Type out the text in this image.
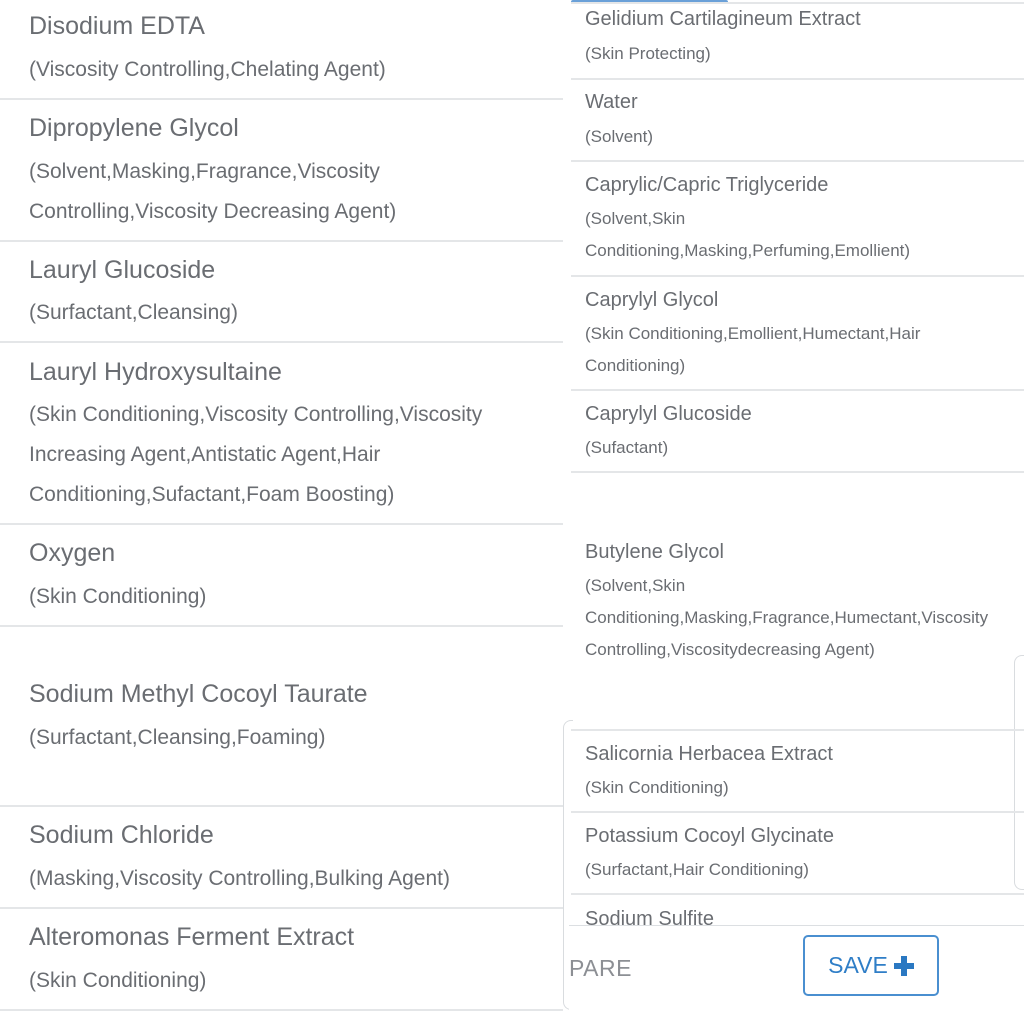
Disodium EDTA
(Viscosity Controlling,Chelating Agent)
Dipropylene Glycol
(Solvent,Masking,Fragrance,Viscosity Controlling,Viscosity Decreasing Agent)
Lauryl Glucoside
(Surfactant,Cleansing)
Lauryl Hydroxysultaine
(Skin Conditioning,Viscosity Controlling,Viscosity Increasing Agent,Antistatic Agent,Hair Conditioning,Sufactant,Foam Boosting)
Oxygen
(Skin Conditioning)
Sodium Methyl Cocoyl Taurate
(Surfactant,Cleansing,Foaming)
Sodium Chloride
(Masking,Viscosity Controlling,Bulking Agent)
Alteromonas Ferment Extract
(Skin Conditioning)
Gelidium Cartilagineum Extract
(Skin Protecting)
Water
(Solvent)
Caprylic/Capric Triglyceride
(Solvent,Skin
Conditioning,Masking,Perfuming,Emollient)
Caprylyl Glycol
(Skin Conditioning,Emollient,Humectant,Hair
Conditioning)
Caprylyl Glucoside
(Sufactant)
Butylene Glycol
(Solvent,Skin
Conditioning,Masking,Fragrance,Humectant,Viscosity
Controlling,Viscositydecreasing Agent)
Salicornia Herbacea Extract
(Skin Conditioning)
Potassium Cocoyl Glycinate
(Surfactant,Hair Conditioning)
Sodium Sulfite
PARE	SAVE
